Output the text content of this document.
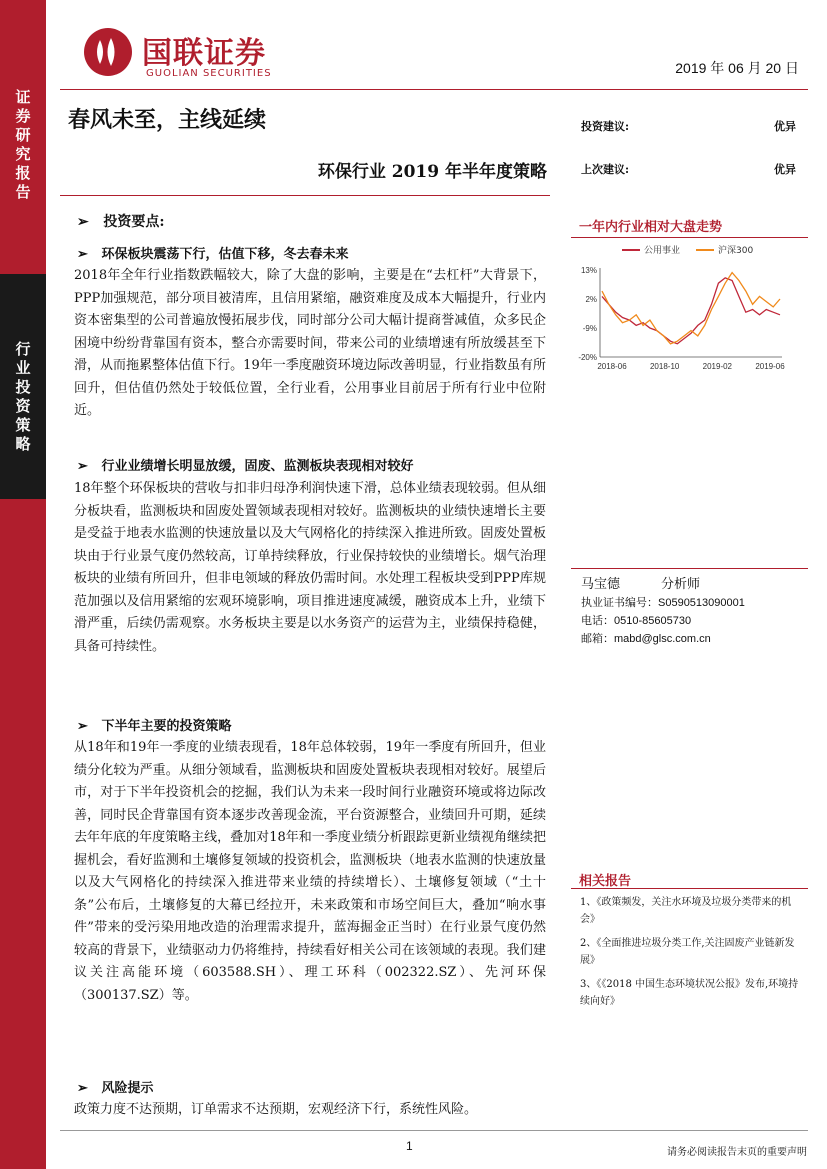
证
券
研
究
报
告
行
业
投
资
策
略
国联证券
GUOLIAN SECURITIES	2019 年 06 月 20 日
春风未至，主线延续
环保行业 2019 年半年度策略
投资建议:	优异
上次建议:	优异
➢   投资要点:
➢   环保板块震荡下行，估值下移，冬去春未来
2018年全年行业指数跌幅较大，除了大盘的影响，主要是在“去杠杆”大背景下，PPP加强规范，部分项目被清库，且信用紧缩，融资难度及成本大幅提升，行业内资本密集型的公司普遍放慢拓展步伐，同时部分公司大幅计提商誉减值，众多民企困境中纷纷背靠国有资本，整合亦需要时间，带来公司的业绩增速有所放缓甚至下滑，从而拖累整体估值下行。19年一季度融资环境边际改善明显，行业指数虽有所回升，但估值仍然处于较低位置，全行业看，公用事业目前居于所有行业中位附近。
➢   行业业绩增长明显放缓，固废、监测板块表现相对较好
18年整个环保板块的营收与扣非归母净利润快速下滑，总体业绩表现较弱。但从细分板块看，监测板块和固废处置领域表现相对较好。监测板块的业绩快速增长主要是受益于地表水监测的快速放量以及大气网格化的持续深入推进所致。固废处置板块由于行业景气度仍然较高，订单持续释放，行业保持较快的业绩增长。烟气治理板块的业绩有所回升，但非电领域的释放仍需时间。水处理工程板块受到PPP库规范加强以及信用紧缩的宏观环境影响，项目推进速度减缓，融资成本上升，业绩下滑严重，后续仍需观察。水务板块主要是以水务资产的运营为主，业绩保持稳健，具备可持续性。
➢   下半年主要的投资策略
从18年和19年一季度的业绩表现看，18年总体较弱，19年一季度有所回升，但业绩分化较为严重。从细分领域看，监测板块和固废处置板块表现相对较好。展望后市，对于下半年投资机会的挖掘，我们认为未来一段时间行业融资环境或将边际改善，同时民企背靠国有资本逐步改善现金流，平台资源整合，业绩回升可期，延续去年年底的年度策略主线，叠加对18年和一季度业绩分析跟踪更新业绩视角继续把握机会，看好监测和土壤修复领域的投资机会，监测板块（地表水监测的快速放量以及大气网格化的持续深入推进带来业绩的持续增长）、土壤修复领域（“土十条”公布后，土壤修复的大幕已经拉开，未来政策和市场空间巨大，叠加“响水事件”带来的受污染用地改造的治理需求提升，蓝海掘金正当时）在行业景气度仍然较高的背景下，业绩驱动力仍将维持，持续看好相关公司在该领域的表现。我们建议关注高能环境（603588.SH）、理工环科（002322.SZ）、先河环保（300137.SZ）等。
➢   风险提示
政策力度不达预期，订单需求不达预期，宏观经济下行，系统性风险。
一年内行业相对大盘走势
公用事业	沪深300
13%
2%
-9%
-20%
2018-06	2018-10	2019-02	2019-06
马宝德	分析师
执业证书编号：S0590513090001
电话：0510-85605730
邮箱：mabd@glsc.com.cn
相关报告
1、《政策频发，关注水环境及垃圾分类带来的机会》
2、《全面推进垃圾分类工作,关注固废产业链新发展》
3、《《2018 中国生态环境状况公报》发布,环境持续向好》
1	请务必阅读报告末页的重要声明
